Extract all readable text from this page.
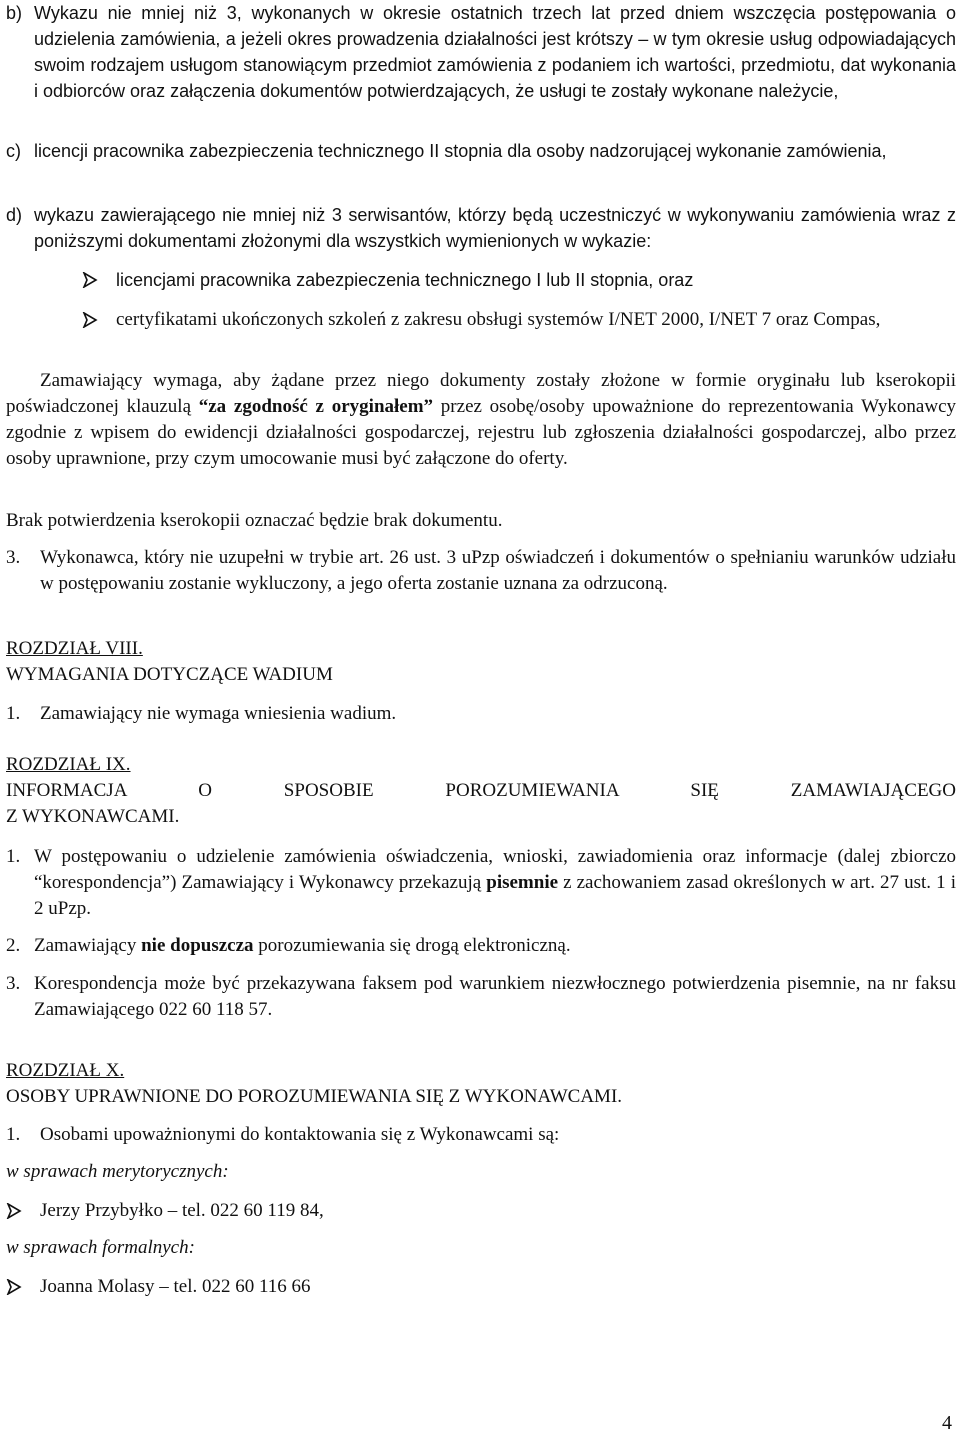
b) Wykazu nie mniej niż 3, wykonanych w okresie ostatnich trzech lat przed dniem wszczęcia postępowania o udzielenia zamówienia, a jeżeli okres prowadzenia działalności jest krótszy – w tym okresie usług odpowiadających swoim rodzajem usługom stanowiącym przedmiot zamówienia z podaniem ich wartości, przedmiotu, dat wykonania i odbiorców oraz załączenia dokumentów potwierdzających, że usługi te zostały wykonane należycie,
c) licencji pracownika zabezpieczenia technicznego II stopnia dla osoby nadzorującej wykonanie zamówienia,
d) wykazu zawierającego nie mniej niż 3 serwisantów, którzy będą uczestniczyć w wykonywaniu zamówienia wraz z poniższymi dokumentami złożonymi dla wszystkich wymienionych w wykazie:
licencjami pracownika zabezpieczenia technicznego I lub II stopnia, oraz
certyfikatami ukończonych szkoleń z zakresu obsługi systemów I/NET 2000, I/NET 7 oraz Compas,

Zamawiający wymaga, aby żądane przez niego dokumenty zostały złożone w formie oryginału lub kserokopii poświadczonej klauzulą “za zgodność z oryginałem” przez osobę/osoby upoważnione do reprezentowania Wykonawcy zgodnie z wpisem do ewidencji działalności gospodarczej, rejestru lub zgłoszenia działalności gospodarczej, albo przez osoby uprawnione, przy czym umocowanie musi być załączone do oferty.

Brak potwierdzenia kserokopii oznaczać będzie brak dokumentu.

3.	Wykonawca, który nie uzupełni w trybie art. 26 ust. 3 uPzp oświadczeń i dokumentów o spełnianiu warunków udziału w postępowaniu zostanie wykluczony, a jego oferta zostanie uznana za odrzuconą.
ROZDZIAŁ VIII.
WYMAGANIA DOTYCZĄCE WADIUM
1.	Zamawiający nie wymaga wniesienia wadium.
ROZDZIAŁ IX.
INFORMACJA O SPOSOBIE POROZUMIEWANIA SIĘ ZAMAWIAJĄCEGO
Z WYKONAWCAMI.
1. W postępowaniu o udzielenie zamówienia oświadczenia, wnioski, zawiadomienia oraz informacje (dalej zbiorczo “korespondencja”) Zamawiający i Wykonawcy przekazują pisemnie z zachowaniem zasad określonych w art. 27 ust. 1 i 2 uPzp.
2. Zamawiający nie dopuszcza porozumiewania się drogą elektroniczną.
3. Korespondencja może być przekazywana faksem pod warunkiem niezwłocznego potwierdzenia pisemnie, na nr faksu Zamawiającego 022 60 118 57.
ROZDZIAŁ X.
OSOBY UPRAWNIONE DO POROZUMIEWANIA SIĘ Z WYKONAWCAMI.
1.	Osobami upoważnionymi do kontaktowania się z Wykonawcami są:
w sprawach merytorycznych:
Jerzy Przybyłko – tel. 022 60 119 84,
w sprawach formalnych:
Joanna Molasy – tel. 022 60 116 66
4
